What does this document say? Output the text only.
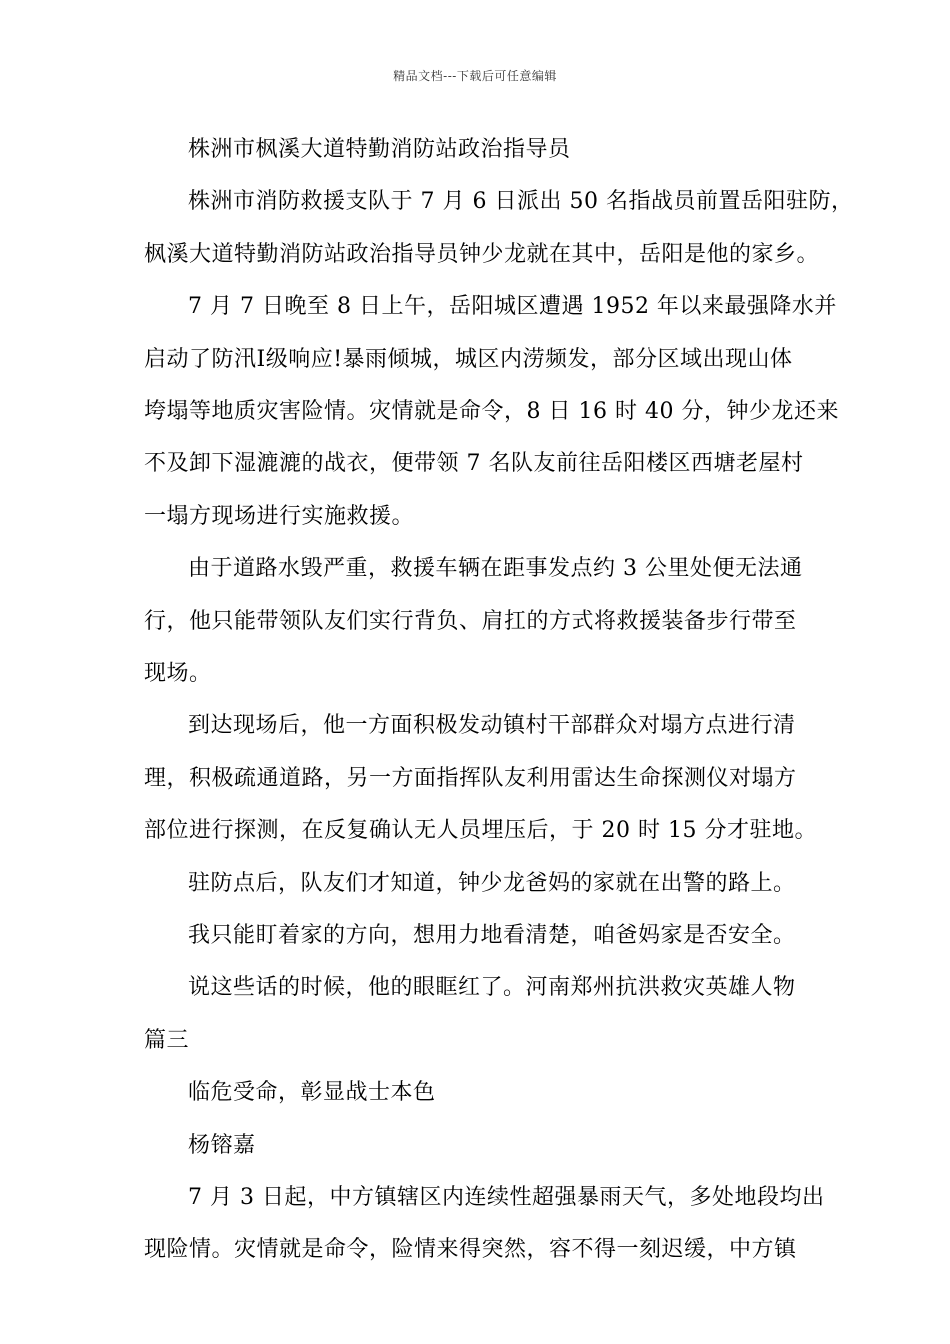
精品文档---下载后可任意编辑
株洲市枫溪大道特勤消防站政治指导员
株洲市消防救援支队于 7 月 6 日派出 50 名指战员前置岳阳驻防，
枫溪大道特勤消防站政治指导员钟少龙就在其中，岳阳是他的家乡。
7 月 7 日晚至 8 日上午，岳阳城区遭遇 1952 年以来最强降水并
启动了防汛Ⅰ级响应!暴雨倾城，城区内涝频发，部分区域出现山体
垮塌等地质灾害险情。灾情就是命令，8 日 16 时 40 分，钟少龙还来
不及卸下湿漉漉的战衣，便带领 7 名队友前往岳阳楼区西塘老屋村
一塌方现场进行实施救援。
由于道路水毁严重，救援车辆在距事发点约 3 公里处便无法通
行，他只能带领队友们实行背负、肩扛的方式将救援装备步行带至
现场。
到达现场后，他一方面积极发动镇村干部群众对塌方点进行清
理，积极疏通道路，另一方面指挥队友利用雷达生命探测仪对塌方
部位进行探测，在反复确认无人员埋压后，于 20 时 15 分才驻地。
驻防点后，队友们才知道，钟少龙爸妈的家就在出警的路上。
我只能盯着家的方向，想用力地看清楚，咱爸妈家是否安全。
说这些话的时候，他的眼眶红了。河南郑州抗洪救灾英雄人物
篇三
临危受命，彰显战士本色
杨镕嘉
7 月 3 日起，中方镇辖区内连续性超强暴雨天气，多处地段均出
现险情。灾情就是命令，险情来得突然，容不得一刻迟缓，中方镇
